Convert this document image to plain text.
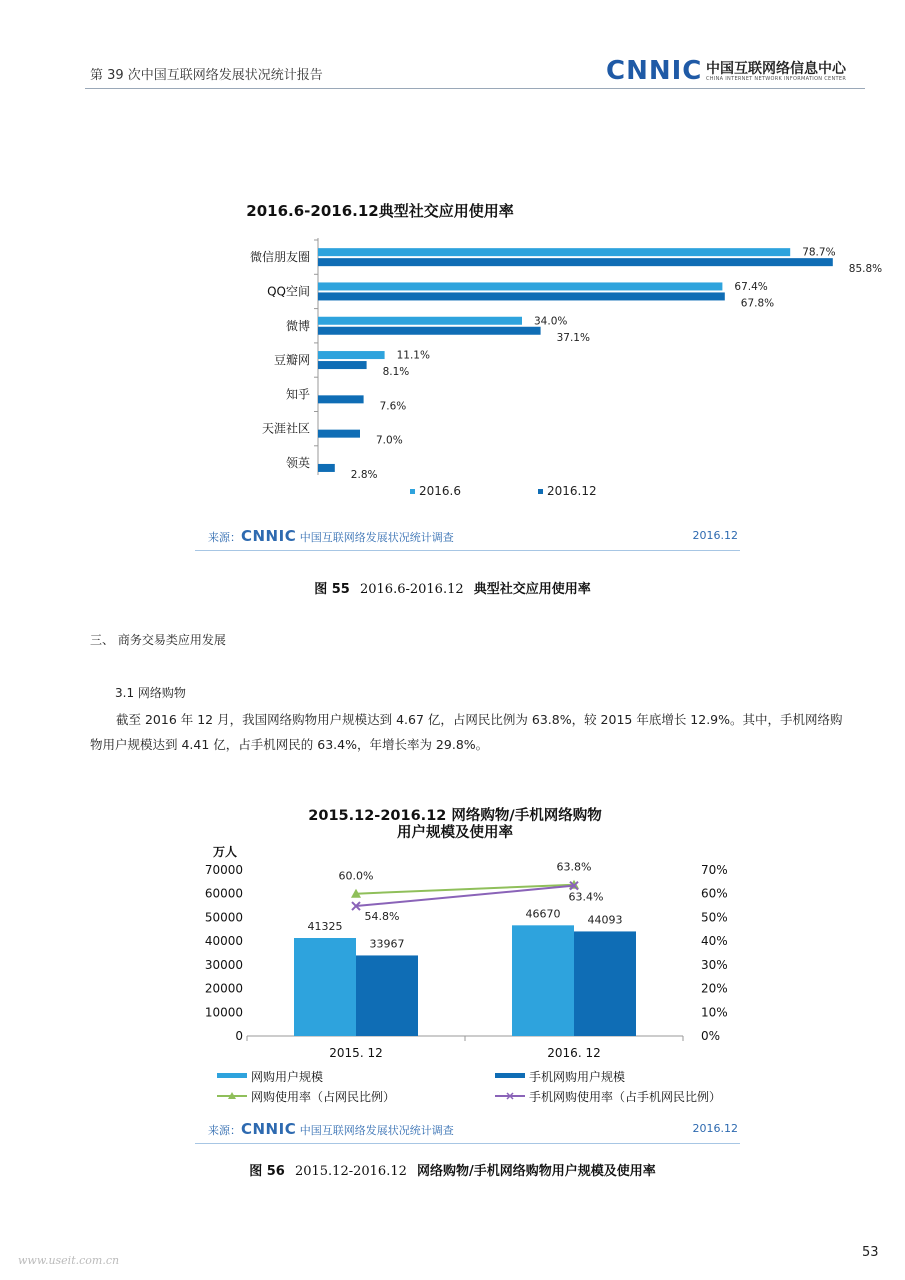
第 39 次中国互联网络发展状况统计报告	CNNIC 中国互联网络信息中心
CHINA INTERNET NETWORK INFORMATION CENTER
2016.6-2016.12典型社交应用使用率
微信朋友圈	78.7%
85.8%
QQ空间	67.4%
67.8%
微博	34.0%
37.1%
豆瓣网	11.1%
8.1%
知乎
7.6%
天涯社区
7.0%
领英
2.8%
2016.6	2016.12
来源：CNNIC 中国互联网络发展状况统计调查	2016.12
图 55 2016.6-2016.12 典型社交应用使用率
三、 商务交易类应用发展
3.1 网络购物
截至 2016 年 12 月，我国网络购物用户规模达到 4.67 亿，占网民比例为 63.8%，较 2015 年底增长 12.9%。其中，手机网络购物用户规模达到 4.41 亿，占手机网民的 63.4%，年增长率为 29.8%。
2015.12-2016.12 网络购物/手机网络购物
用户规模及使用率
万人
70000
60000
50000
40000
30000
20000
10000
0
70%
60%
50%
40%
30%
20%
10%
0%
2015. 12
41325
33967
2016. 12
46670 44093
60.0%
63.8%
54.8%
63.4%
网购用户规模	手机网购用户规模
网购使用率（占网民比例）	手机网购使用率（占手机网民比例）
来源：CNNIC 中国互联网络发展状况统计调查	2016.12
图 56 2015.12-2016.12 网络购物/手机网络购物用户规模及使用率
www.useit.com.cn
53
